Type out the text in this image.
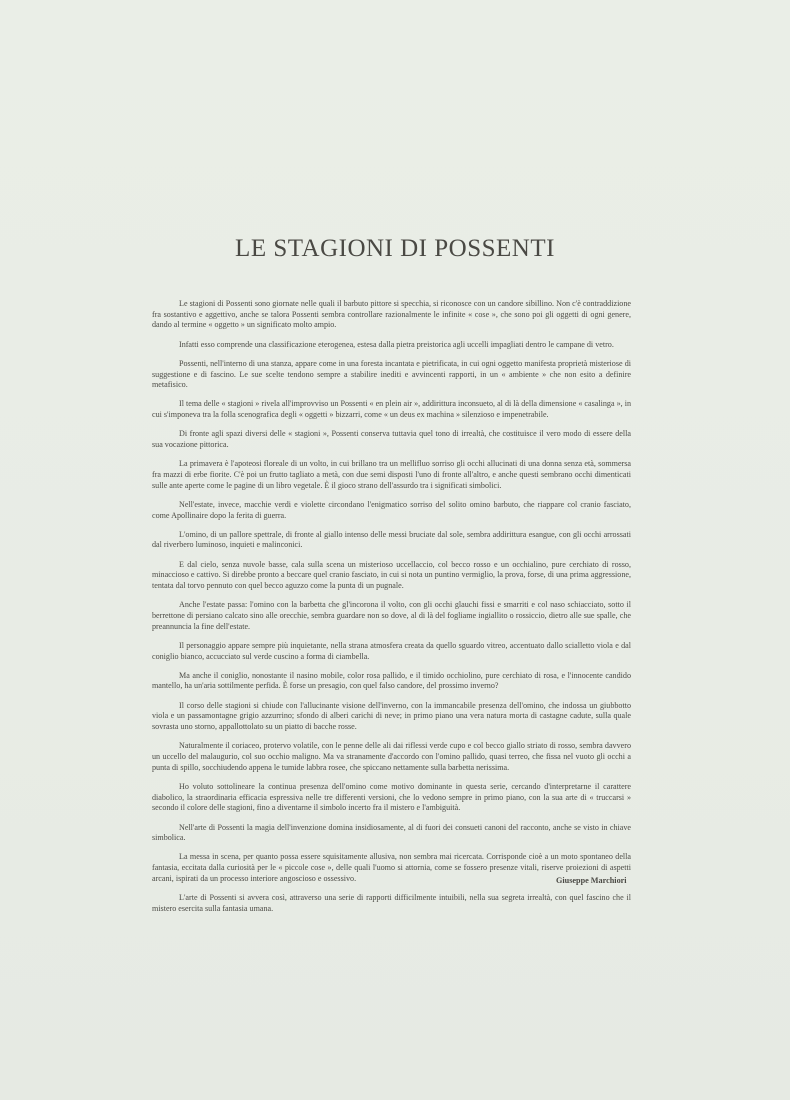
LE STAGIONI DI POSSENTI

Le stagioni di Possenti sono giornate nelle quali il barbuto pittore si specchia, si riconosce con un candore sibillino. Non c'è contraddizione fra sostantivo e aggettivo, anche se talora Possenti sembra controllare razionalmente le infinite « cose », che sono poi gli oggetti di ogni genere, dando al termine « oggetto » un significato molto ampio.

Infatti esso comprende una classificazione eterogenea, estesa dalla pietra preistorica agli uccelli impagliati dentro le campane di vetro.

Possenti, nell'interno di una stanza, appare come in una foresta incantata e pietrificata, in cui ogni oggetto manifesta proprietà misteriose di suggestione e di fascino. Le sue scelte tendono sempre a stabilire inediti e avvincenti rapporti, in un « ambiente » che non esito a definire metafisico.

Il tema delle « stagioni » rivela all'improvviso un Possenti « en plein air », addirittura inconsueto, al di là della dimensione « casalinga », in cui s'imponeva tra la folla scenografica degli « oggetti » bizzarri, come « un deus ex machina » silenzioso e impenetrabile.

Di fronte agli spazi diversi delle « stagioni », Possenti conserva tuttavia quel tono di irrealtà, che costituisce il vero modo di essere della sua vocazione pittorica.

La primavera è l'apoteosi floreale di un volto, in cui brillano tra un mellifluo sorriso gli occhi allucinati di una donna senza età, sommersa fra mazzi di erbe fiorite. C'è poi un frutto tagliato a metà, con due semi disposti l'uno di fronte all'altro, e anche questi sembrano occhi dimenticati sulle ante aperte come le pagine di un libro vegetale. È il gioco strano dell'assurdo tra i significati simbolici.

Nell'estate, invece, macchie verdi e violette circondano l'enigmatico sorriso del solito omino barbuto, che riappare col cranio fasciato, come Apollinaire dopo la ferita di guerra.

L'omino, di un pallore spettrale, di fronte al giallo intenso delle messi bruciate dal sole, sembra addirittura esangue, con gli occhi arrossati dal riverbero luminoso, inquieti e malinconici.

E dal cielo, senza nuvole basse, cala sulla scena un misterioso uccellaccio, col becco rosso e un occhialino, pure cerchiato di rosso, minaccioso e cattivo. Si direbbe pronto a beccare quel cranio fasciato, in cui si nota un puntino vermiglio, la prova, forse, di una prima aggressione, tentata dal torvo pennuto con quel becco aguzzo come la punta di un pugnale.

Anche l'estate passa: l'omino con la barbetta che gl'incorona il volto, con gli occhi glauchi fissi e smarriti e col naso schiacciato, sotto il berrettone di persiano calcato sino alle orecchie, sembra guardare non so dove, al di là del fogliame ingiallito o rossiccio, dietro alle sue spalle, che preannuncia la fine dell'estate.

Il personaggio appare sempre più inquietante, nella strana atmosfera creata da quello sguardo vitreo, accentuato dallo scialletto viola e dal coniglio bianco, accucciato sul verde cuscino a forma di ciambella.

Ma anche il coniglio, nonostante il nasino mobile, color rosa pallido, e il timido occhiolino, pure cerchiato di rosa, e l'innocente candido mantello, ha un'aria sottilmente perfida. È forse un presagio, con quel falso candore, del prossimo inverno?

Il corso delle stagioni si chiude con l'allucinante visione dell'inverno, con la immancabile presenza dell'omino, che indossa un giubbotto viola e un passamontagne grigio azzurrino; sfondo di alberi carichi di neve; in primo piano una vera natura morta di castagne cadute, sulla quale sovrasta uno storno, appallottolato su un piatto di bacche rosse.

Naturalmente il coriaceo, protervo volatile, con le penne delle ali dai riflessi verde cupo e col becco giallo striato di rosso, sembra davvero un uccello del malaugurio, col suo occhio maligno. Ma va stranamente d'accordo con l'omino pallido, quasi terreo, che fissa nel vuoto gli occhi a punta di spillo, socchiudendo appena le tumide labbra rosee, che spiccano nettamente sulla barbetta nerissima.

Ho voluto sottolineare la continua presenza dell'omino come motivo dominante in questa serie, cercando d'interpretarne il carattere diabolico, la straordinaria efficacia espressiva nelle tre differenti versioni, che lo vedono sempre in primo piano, con la sua arte di « truccarsi » secondo il colore delle stagioni, fino a diventarne il simbolo incerto fra il mistero e l'ambiguità.

Nell'arte di Possenti la magia dell'invenzione domina insidiosamente, al di fuori dei consueti canoni del racconto, anche se visto in chiave simbolica.

La messa in scena, per quanto possa essere squisitamente allusiva, non sembra mai ricercata. Corrisponde cioè a un moto spontaneo della fantasia, eccitata dalla curiosità per le « piccole cose », delle quali l'uomo si attornia, come se fossero presenze vitali, riserve proiezioni di aspetti arcani, ispirati da un processo interiore angoscioso e ossessivo.

L'arte di Possenti si avvera così, attraverso una serie di rapporti difficilmente intuibili, nella sua segreta irrealtà, con quel fascino che il mistero esercita sulla fantasia umana.

Giuseppe Marchiori
